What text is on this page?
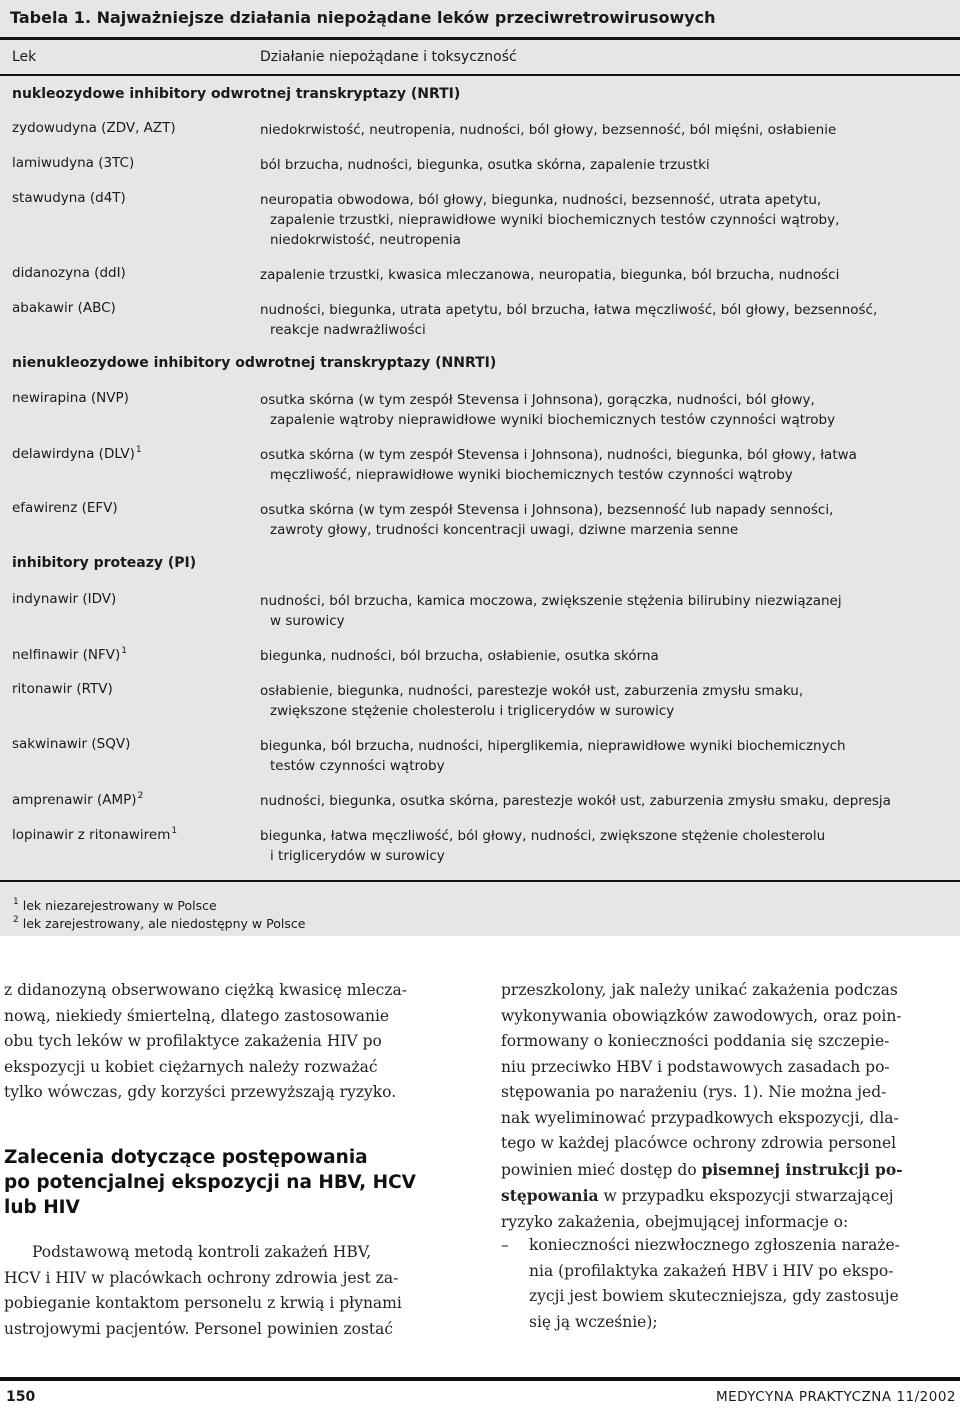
Tabela 1. Najważniejsze działania niepożądane leków przeciwretrowirusowych
Lek	Działanie niepożądane i toksyczność
nukleozydowe inhibitory odwrotnej transkryptazy (NRTI)
zydowudyna (ZDV, AZT)	niedokrwistość, neutropenia, nudności, ból głowy, bezsenność, ból mięśni, osłabienie
lamiwudyna (3TC)	ból brzucha, nudności, biegunka, osutka skórna, zapalenie trzustki
stawudyna (d4T)	neuropatia obwodowa, ból głowy, biegunka, nudności, bezsenność, utrata apetytu,
zapalenie trzustki, nieprawidłowe wyniki biochemicznych testów czynności wątroby,
niedokrwistość, neutropenia
didanozyna (ddI)	zapalenie trzustki, kwasica mleczanowa, neuropatia, biegunka, ból brzucha, nudności
abakawir (ABC)	nudności, biegunka, utrata apetytu, ból brzucha, łatwa męczliwość, ból głowy, bezsenność,
reakcje nadwrażliwości
nienukleozydowe inhibitory odwrotnej transkryptazy (NNRTI)
newirapina (NVP)	osutka skórna (w tym zespół Stevensa i Johnsona), gorączka, nudności, ból głowy,
zapalenie wątroby nieprawidłowe wyniki biochemicznych testów czynności wątroby
delawirdyna (DLV)$^1$	osutka skórna (w tym zespół Stevensa i Johnsona), nudności, biegunka, ból głowy, łatwa
męczliwość, nieprawidłowe wyniki biochemicznych testów czynności wątroby
efawirenz (EFV)	osutka skórna (w tym zespół Stevensa i Johnsona), bezsenność lub napady senności,
zawroty głowy, trudności koncentracji uwagi, dziwne marzenia senne
inhibitory proteazy (PI)
indynawir (IDV)	nudności, ból brzucha, kamica moczowa, zwiększenie stężenia bilirubiny niezwiązanej
w surowicy
nelfinawir (NFV)$^1$	biegunka, nudności, ból brzucha, osłabienie, osutka skórna
ritonawir (RTV)	osłabienie, biegunka, nudności, parestezje wokół ust, zaburzenia zmysłu smaku,
zwiększone stężenie cholesterolu i triglicerydów w surowicy
sakwinawir (SQV)	biegunka, ból brzucha, nudności, hiperglikemia, nieprawidłowe wyniki biochemicznych
testów czynności wątroby
amprenawir (AMP)$^2$	nudności, biegunka, osutka skórna, parestezje wokół ust, zaburzenia zmysłu smaku, depresja
lopinawir z ritonawirem$^1$	biegunka, łatwa męczliwość, ból głowy, nudności, zwiększone stężenie cholesterolu
i triglicerydów w surowicy
$^1$ lek niezarejestrowany w Polsce
$^2$ lek zarejestrowany, ale niedostępny w Polsce
z didanozyną obserwowano ciężką kwasicę mlecza-
nową, niekiedy śmiertelną, dlatego zastosowanie
obu tych leków w profilaktyce zakażenia HIV po
ekspozycji u kobiet ciężarnych należy rozważać
tylko wówczas, gdy korzyści przewyższają ryzyko.
Zalecenia dotyczące postępowania
po potencjalnej ekspozycji na HBV, HCV
lub HIV
Podstawową metodą kontroli zakażeń HBV,
HCV i HIV w placówkach ochrony zdrowia jest za-
pobieganie kontaktom personelu z krwią i płynami
ustrojowymi pacjentów. Personel powinien zostać
przeszkolony, jak należy unikać zakażenia podczas
wykonywania obowiązków zawodowych, oraz poin-
formowany o konieczności poddania się szczepie-
niu przeciwko HBV i podstawowych zasadach po-
stępowania po narażeniu (rys. 1). Nie można jed-
nak wyeliminować przypadkowych ekspozycji, dla-
tego w każdej placówce ochrony zdrowia personel
powinien mieć dostęp do pisemnej instrukcji po-
stępowania w przypadku ekspozycji stwarzającej
ryzyko zakażenia, obejmującej informacje o:
–	konieczności niezwłocznego zgłoszenia naraże-
nia (profilaktyka zakażeń HBV i HIV po ekspo-
zycji jest bowiem skuteczniejsza, gdy zastosuje
się ją wcześnie);
150	MEDYCYNA PRAKTYCZNA 11/2002
